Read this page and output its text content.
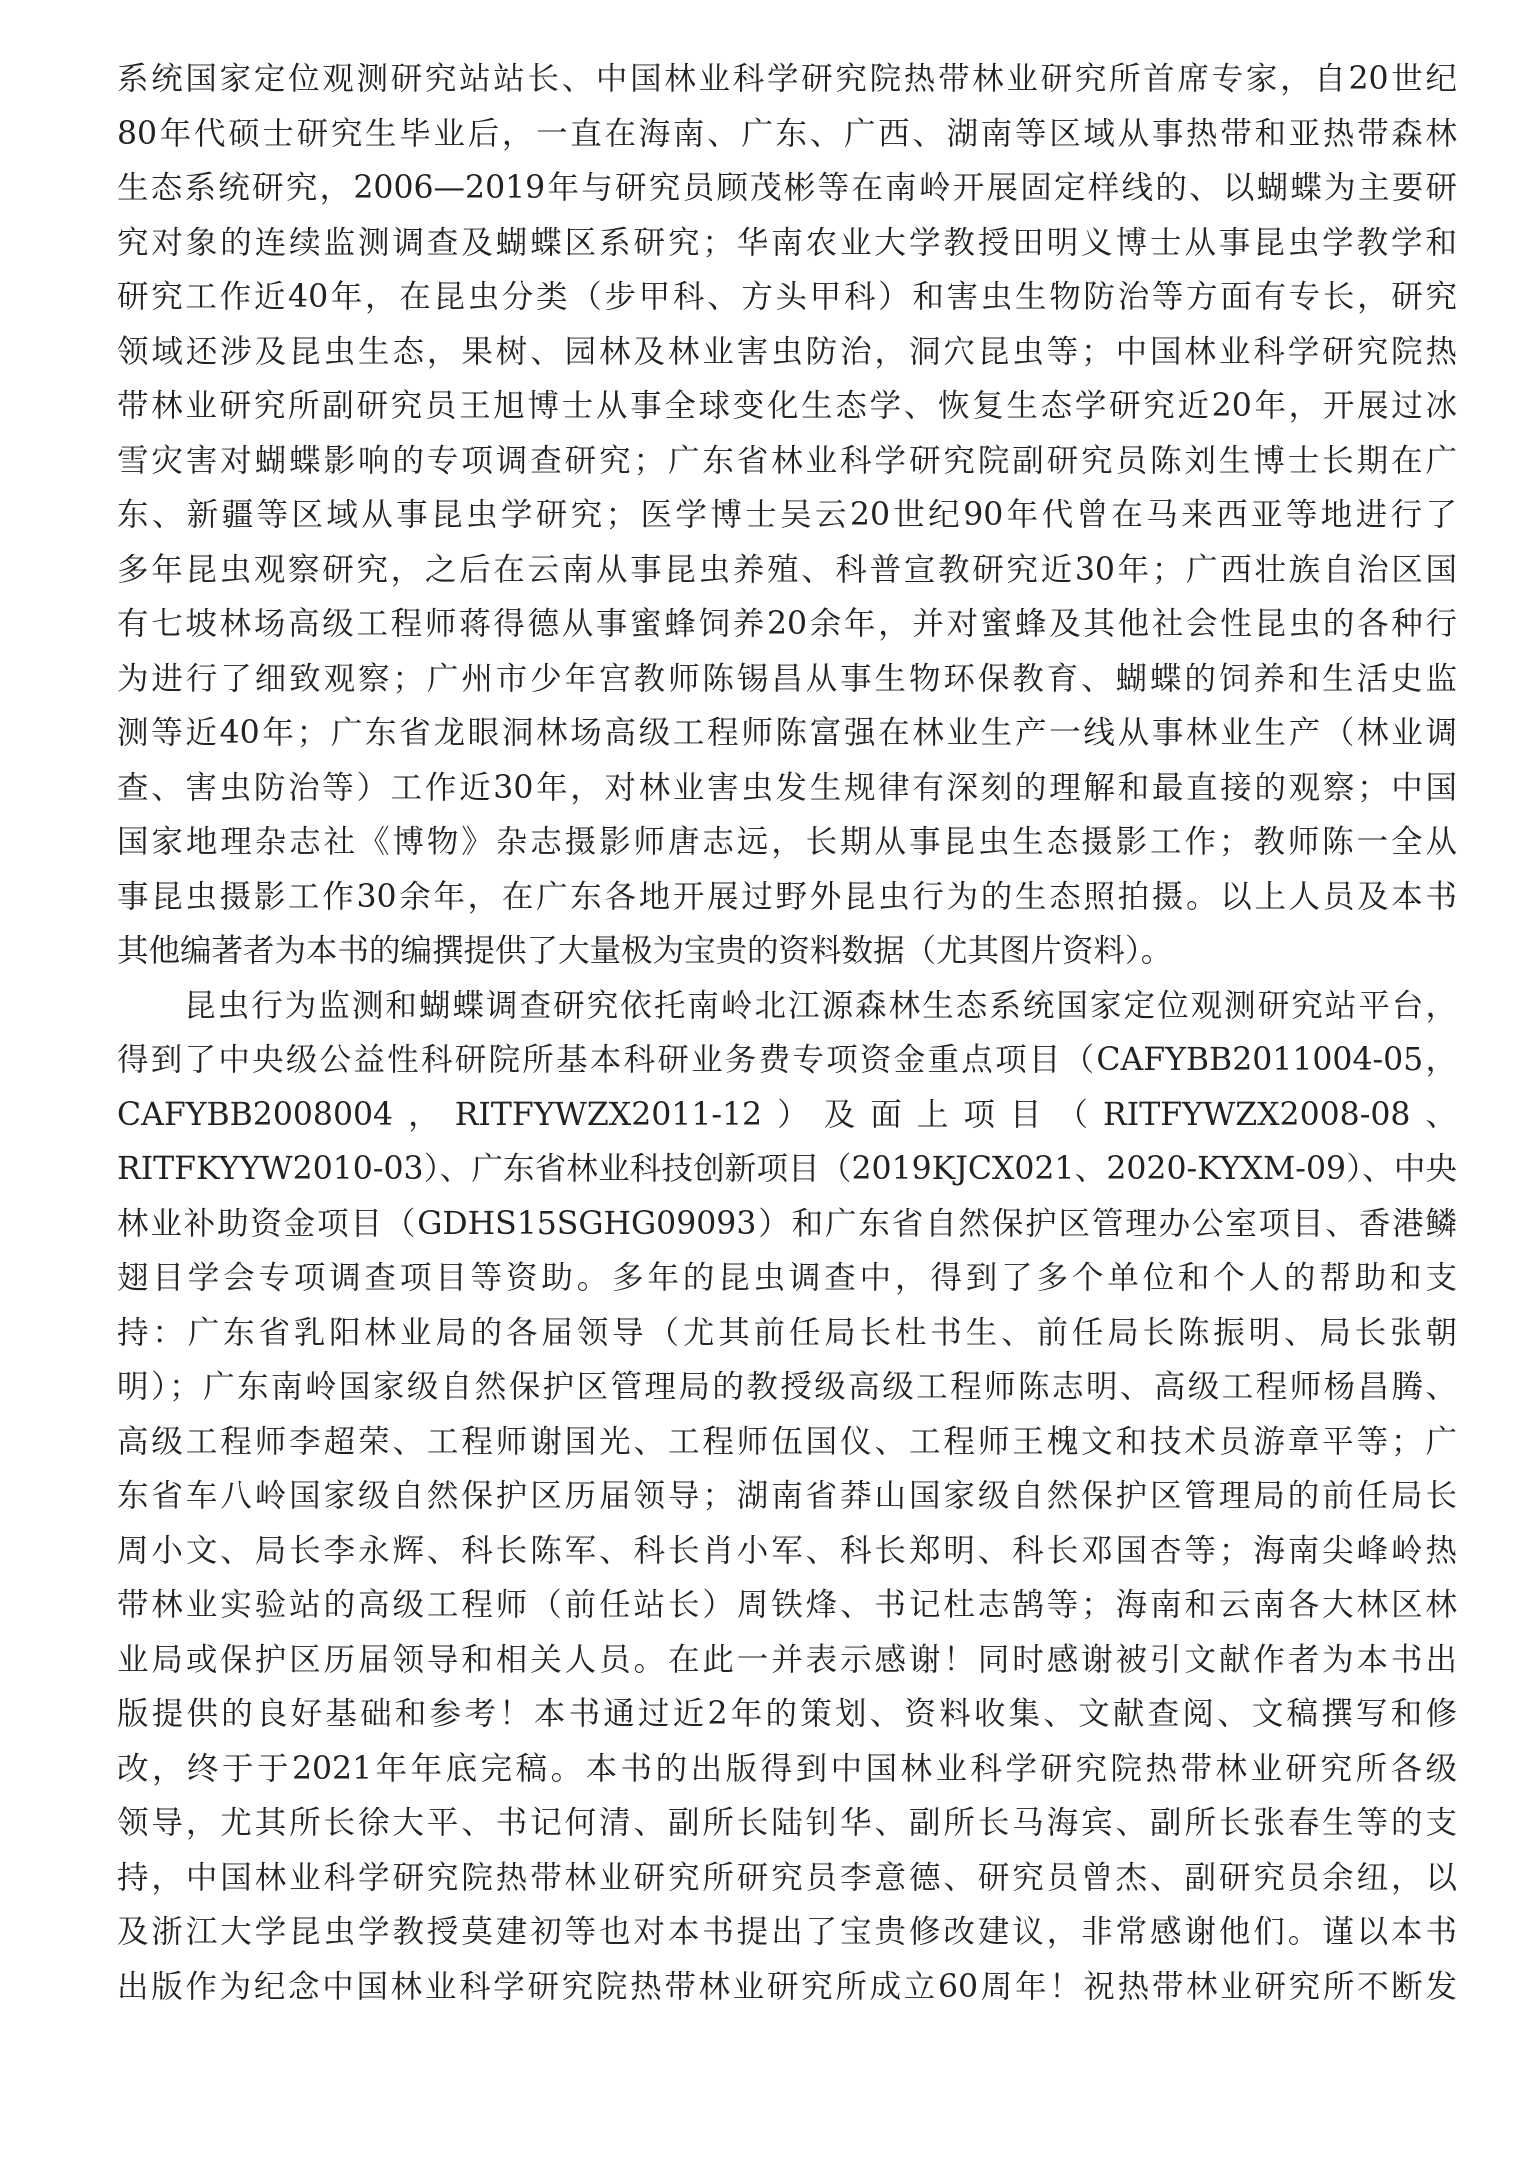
系统国家定位观测研究站站长、中国林业科学研究院热带林业研究所首席专家，自20世纪
80年代硕士研究生毕业后，一直在海南、广东、广西、湖南等区域从事热带和亚热带森林
生态系统研究，2006—2019年与研究员顾茂彬等在南岭开展固定样线的、以蝴蝶为主要研
究对象的连续监测调查及蝴蝶区系研究；华南农业大学教授田明义博士从事昆虫学教学和
研究工作近40年，在昆虫分类（步甲科、方头甲科）和害虫生物防治等方面有专长，研究
领域还涉及昆虫生态，果树、园林及林业害虫防治，洞穴昆虫等；中国林业科学研究院热
带林业研究所副研究员王旭博士从事全球变化生态学、恢复生态学研究近20年，开展过冰
雪灾害对蝴蝶影响的专项调查研究；广东省林业科学研究院副研究员陈刘生博士长期在广
东、新疆等区域从事昆虫学研究；医学博士吴云20世纪90年代曾在马来西亚等地进行了
多年昆虫观察研究，之后在云南从事昆虫养殖、科普宣教研究近30年；广西壮族自治区国
有七坡林场高级工程师蒋得德从事蜜蜂饲养20余年，并对蜜蜂及其他社会性昆虫的各种行
为进行了细致观察；广州市少年宫教师陈锡昌从事生物环保教育、蝴蝶的饲养和生活史监
测等近40年；广东省龙眼洞林场高级工程师陈富强在林业生产一线从事林业生产（林业调
查、害虫防治等）工作近30年，对林业害虫发生规律有深刻的理解和最直接的观察；中国
国家地理杂志社《博物》杂志摄影师唐志远，长期从事昆虫生态摄影工作；教师陈一全从
事昆虫摄影工作30余年，在广东各地开展过野外昆虫行为的生态照拍摄。以上人员及本书
其他编著者为本书的编撰提供了大量极为宝贵的资料数据（尤其图片资料）。
　　昆虫行为监测和蝴蝶调查研究依托南岭北江源森林生态系统国家定位观测研究站平台，
得到了中央级公益性科研院所基本科研业务费专项资金重点项目（CAFYBB2011004-05，
CAFYBB2008004，RITFYWZX2011-12）及面上项目（RITFYWZX2008-08、
RITFKYYW2010-03）、广东省林业科技创新项目（2019KJCX021、2020-KYXM-09）、中央
林业补助资金项目（GDHS15SGHG09093）和广东省自然保护区管理办公室项目、香港鳞
翅目学会专项调查项目等资助。多年的昆虫调查中，得到了多个单位和个人的帮助和支
持：广东省乳阳林业局的各届领导（尤其前任局长杜书生、前任局长陈振明、局长张朝
明）；广东南岭国家级自然保护区管理局的教授级高级工程师陈志明、高级工程师杨昌腾、
高级工程师李超荣、工程师谢国光、工程师伍国仪、工程师王槐文和技术员游章平等；广
东省车八岭国家级自然保护区历届领导；湖南省莽山国家级自然保护区管理局的前任局长
周小文、局长李永辉、科长陈军、科长肖小军、科长郑明、科长邓国杏等；海南尖峰岭热
带林业实验站的高级工程师（前任站长）周铁烽、书记杜志鹄等；海南和云南各大林区林
业局或保护区历届领导和相关人员。在此一并表示感谢！同时感谢被引文献作者为本书出
版提供的良好基础和参考！本书通过近2年的策划、资料收集、文献查阅、文稿撰写和修
改，终于于2021年年底完稿。本书的出版得到中国林业科学研究院热带林业研究所各级
领导，尤其所长徐大平、书记何清、副所长陆钊华、副所长马海宾、副所长张春生等的支
持，中国林业科学研究院热带林业研究所研究员李意德、研究员曾杰、副研究员余纽，以
及浙江大学昆虫学教授莫建初等也对本书提出了宝贵修改建议，非常感谢他们。谨以本书
出版作为纪念中国林业科学研究院热带林业研究所成立60周年！祝热带林业研究所不断发
